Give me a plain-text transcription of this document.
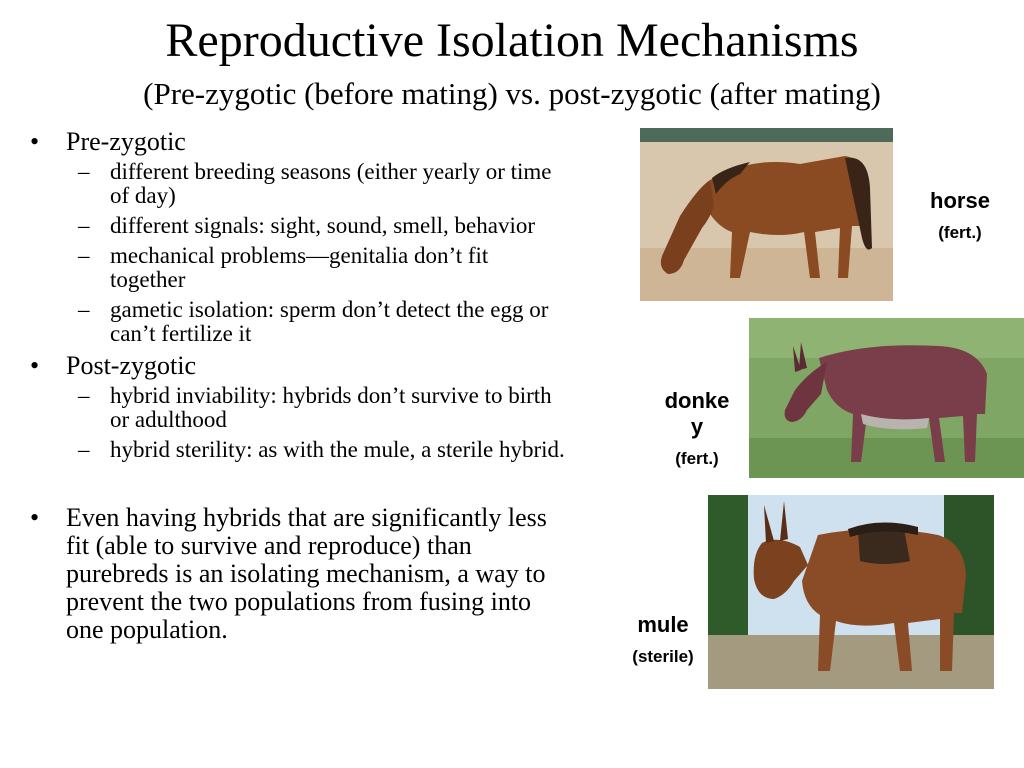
Reproductive Isolation Mechanisms
(Pre-zygotic (before mating) vs. post-zygotic (after mating)
• Pre-zygotic
– different breeding seasons (either yearly or time of day)
– different signals: sight, sound, smell, behavior
– mechanical problems—genitalia don’t fit together
– gametic isolation: sperm don’t detect the egg or can’t fertilize it
• Post-zygotic
– hybrid inviability: hybrids don’t survive to birth or adulthood
– hybrid sterility: as with the mule, a sterile hybrid.
• Even having hybrids that are significantly less fit (able to survive and reproduce) than purebreds is an isolating mechanism, a way to prevent the two populations from fusing into one population.
horse
(fert.)
donke
y
(fert.)
mule
(sterile)
